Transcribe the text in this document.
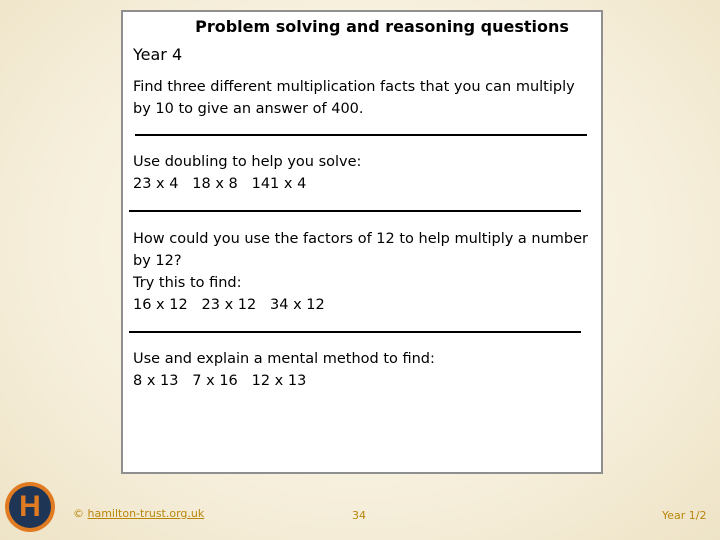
Problem solving and reasoning questions
Year 4
Find three different multiplication facts that you can multiply
by 10 to give an answer of 400.
Use doubling to help you solve:
23 x 4   18 x 8   141 x 4
How could you use the factors of 12 to help multiply a number
by 12?
Try this to find:
16 x 12   23 x 12   34 x 12
Use and explain a mental method to find:
8 x 13   7 x 16   12 x 13
H	© hamilton-trust.org.uk	34	Year 1/2
